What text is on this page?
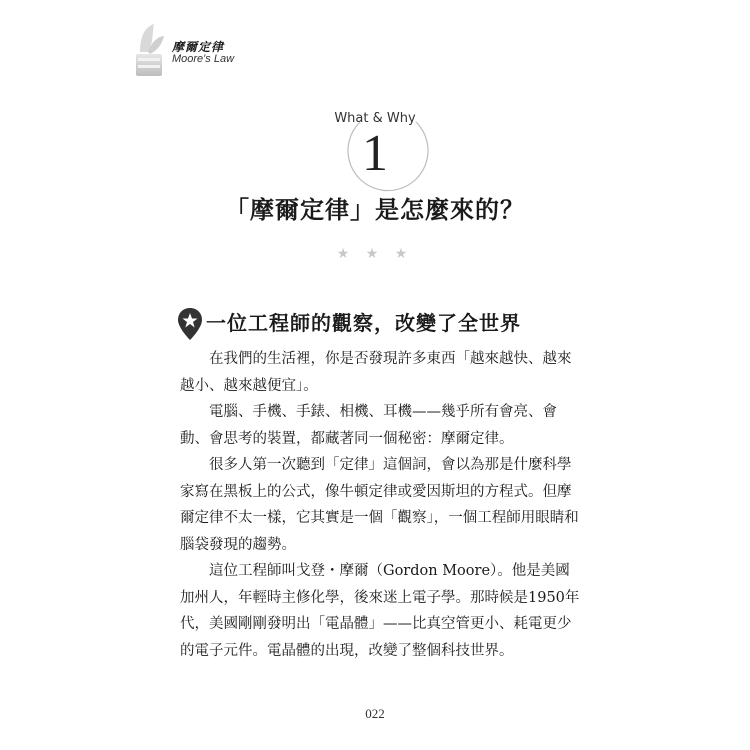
摩爾定律
Moore's Law
What & Why
1
「摩爾定律」是怎麼來的？
★ ★ ★
一位工程師的觀察，改變了全世界

在我們的生活裡，你是否發現許多東西「越來越快、越來越小、越來越便宜」。

電腦、手機、手錶、相機、耳機——幾乎所有會亮、會動、會思考的裝置，都藏著同一個秘密：摩爾定律。

很多人第一次聽到「定律」這個詞，會以為那是什麼科學家寫在黑板上的公式，像牛頓定律或愛因斯坦的方程式。但摩爾定律不太一樣，它其實是一個「觀察」，一個工程師用眼睛和腦袋發現的趨勢。

這位工程師叫戈登・摩爾（Gordon Moore）。他是美國加州人，年輕時主修化學，後來迷上電子學。那時候是1950年代，美國剛剛發明出「電晶體」——比真空管更小、耗電更少的電子元件。電晶體的出現，改變了整個科技世界。

022
